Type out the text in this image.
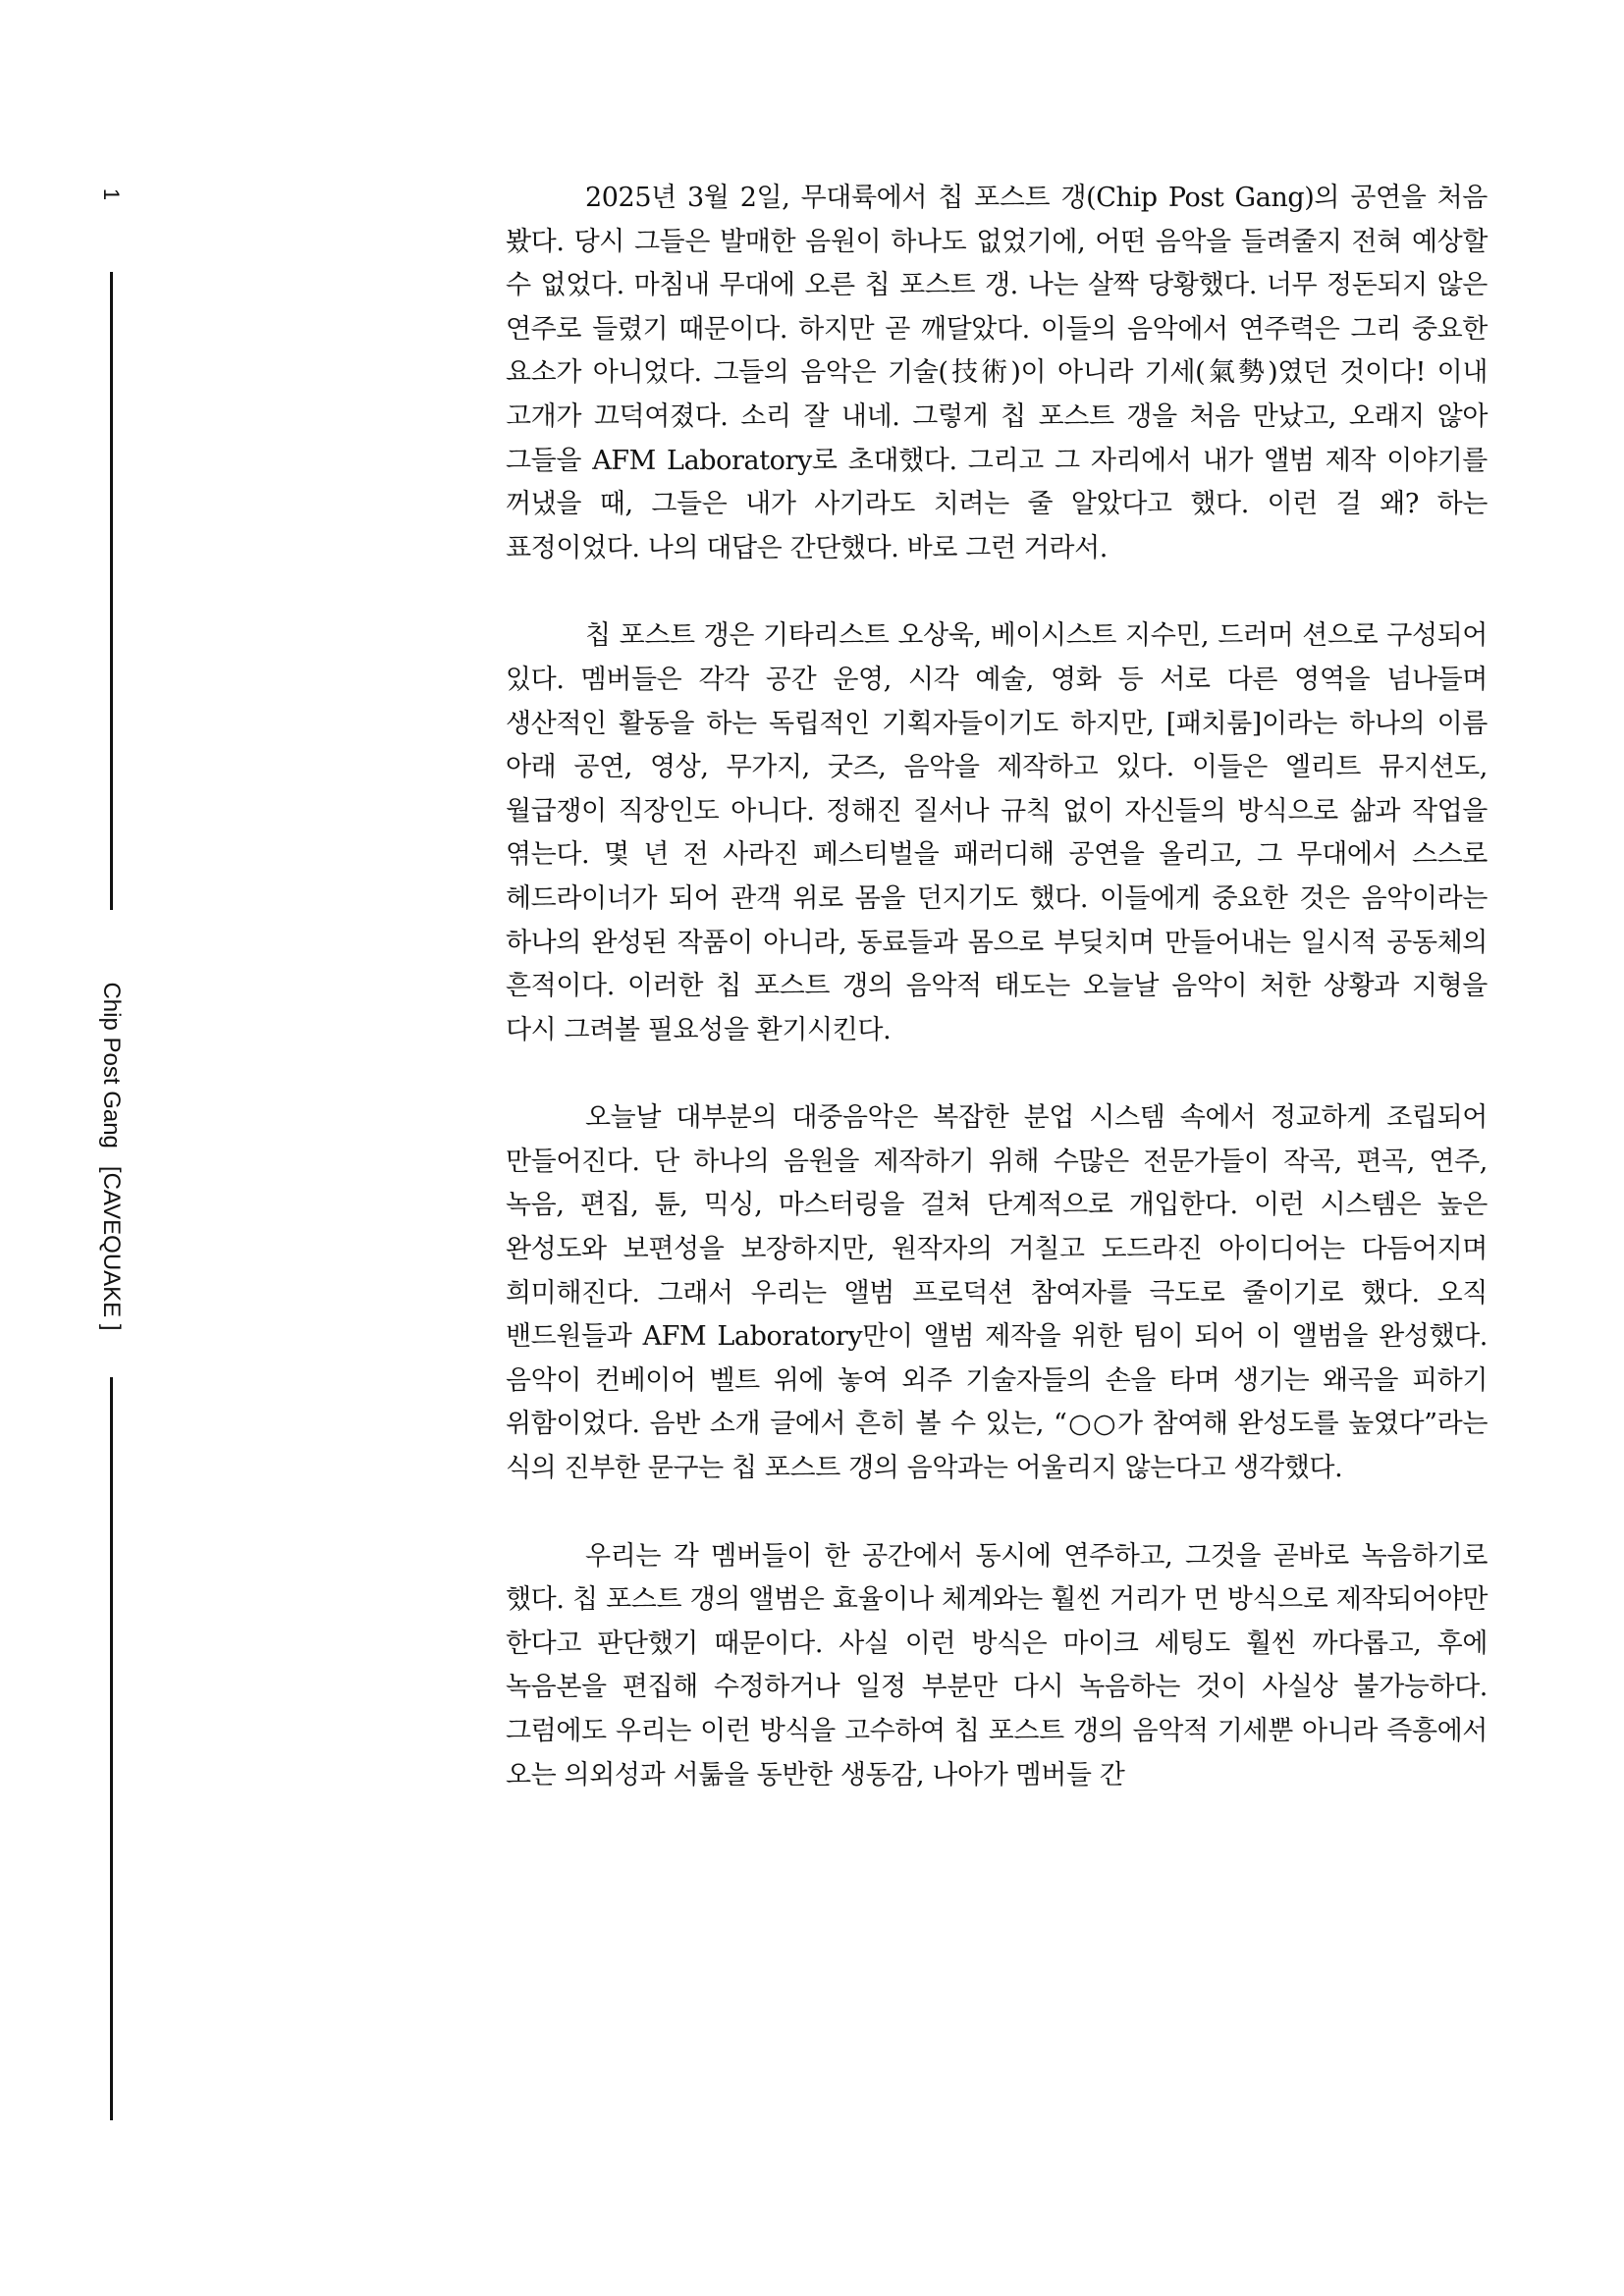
1
Chip Post Gang[CAVEQUAKE ]

2025년 3월 2일, 무대륙에서 칩 포스트 갱(Chip Post Gang)의 공연을 처음 봤다. 당시 그들은 발매한 음원이 하나도 없었기에, 어떤 음악을 들려줄지 전혀 예상할 수 없었다. 마침내 무대에 오른 칩 포스트 갱. 나는 살짝 당황했다. 너무 정돈되지 않은 연주로 들렸기 때문이다. 하지만 곧 깨달았다. 이들의 음악에서 연주력은 그리 중요한 요소가 아니었다. 그들의 음악은 기술(技術)이 아니라 기세(氣勢)였던 것이다! 이내 고개가 끄덕여졌다. 소리 잘 내네. 그렇게 칩 포스트 갱을 처음 만났고, 오래지 않아 그들을 AFM Laboratory로 초대했다. 그리고 그 자리에서 내가 앨범 제작 이야기를 꺼냈을 때, 그들은 내가 사기라도 치려는 줄 알았다고 했다. 이런 걸 왜? 하는 표정이었다. 나의 대답은 간단했다. 바로 그런 거라서.

칩 포스트 갱은 기타리스트 오상욱, 베이시스트 지수민, 드러머 션으로 구성되어 있다. 멤버들은 각각 공간 운영, 시각 예술, 영화 등 서로 다른 영역을 넘나들며 생산적인 활동을 하는 독립적인 기획자들이기도 하지만, [패치룸]이라는 하나의 이름 아래 공연, 영상, 무가지, 굿즈, 음악을 제작하고 있다. 이들은 엘리트 뮤지션도, 월급쟁이 직장인도 아니다. 정해진 질서나 규칙 없이 자신들의 방식으로 삶과 작업을 엮는다. 몇 년 전 사라진 페스티벌을 패러디해 공연을 올리고, 그 무대에서 스스로 헤드라이너가 되어 관객 위로 몸을 던지기도 했다. 이들에게 중요한 것은 음악이라는 하나의 완성된 작품이 아니라, 동료들과 몸으로 부딪치며 만들어내는 일시적 공동체의 흔적이다. 이러한 칩 포스트 갱의 음악적 태도는 오늘날 음악이 처한 상황과 지형을 다시 그려볼 필요성을 환기시킨다.

오늘날 대부분의 대중음악은 복잡한 분업 시스템 속에서 정교하게 조립되어 만들어진다. 단 하나의 음원을 제작하기 위해 수많은 전문가들이 작곡, 편곡, 연주, 녹음, 편집, 튠, 믹싱, 마스터링을 걸쳐 단계적으로 개입한다. 이런 시스템은 높은 완성도와 보편성을 보장하지만, 원작자의 거칠고 도드라진 아이디어는 다듬어지며 희미해진다. 그래서 우리는 앨범 프로덕션 참여자를 극도로 줄이기로 했다. 오직 밴드원들과 AFM Laboratory만이 앨범 제작을 위한 팀이 되어 이 앨범을 완성했다. 음악이 컨베이어 벨트 위에 놓여 외주 기술자들의 손을 타며 생기는 왜곡을 피하기 위함이었다. 음반 소개 글에서 흔히 볼 수 있는, “○○가 참여해 완성도를 높였다”라는 식의 진부한 문구는 칩 포스트 갱의 음악과는 어울리지 않는다고 생각했다.

우리는 각 멤버들이 한 공간에서 동시에 연주하고, 그것을 곧바로 녹음하기로 했다. 칩 포스트 갱의 앨범은 효율이나 체계와는 훨씬 거리가 먼 방식으로 제작되어야만 한다고 판단했기 때문이다. 사실 이런 방식은 마이크 세팅도 훨씬 까다롭고, 후에 녹음본을 편집해 수정하거나 일정 부분만 다시 녹음하는 것이 사실상 불가능하다. 그럼에도 우리는 이런 방식을 고수하여 칩 포스트 갱의 음악적 기세뿐 아니라 즉흥에서 오는 의외성과 서툶을 동반한 생동감, 나아가 멤버들 간
